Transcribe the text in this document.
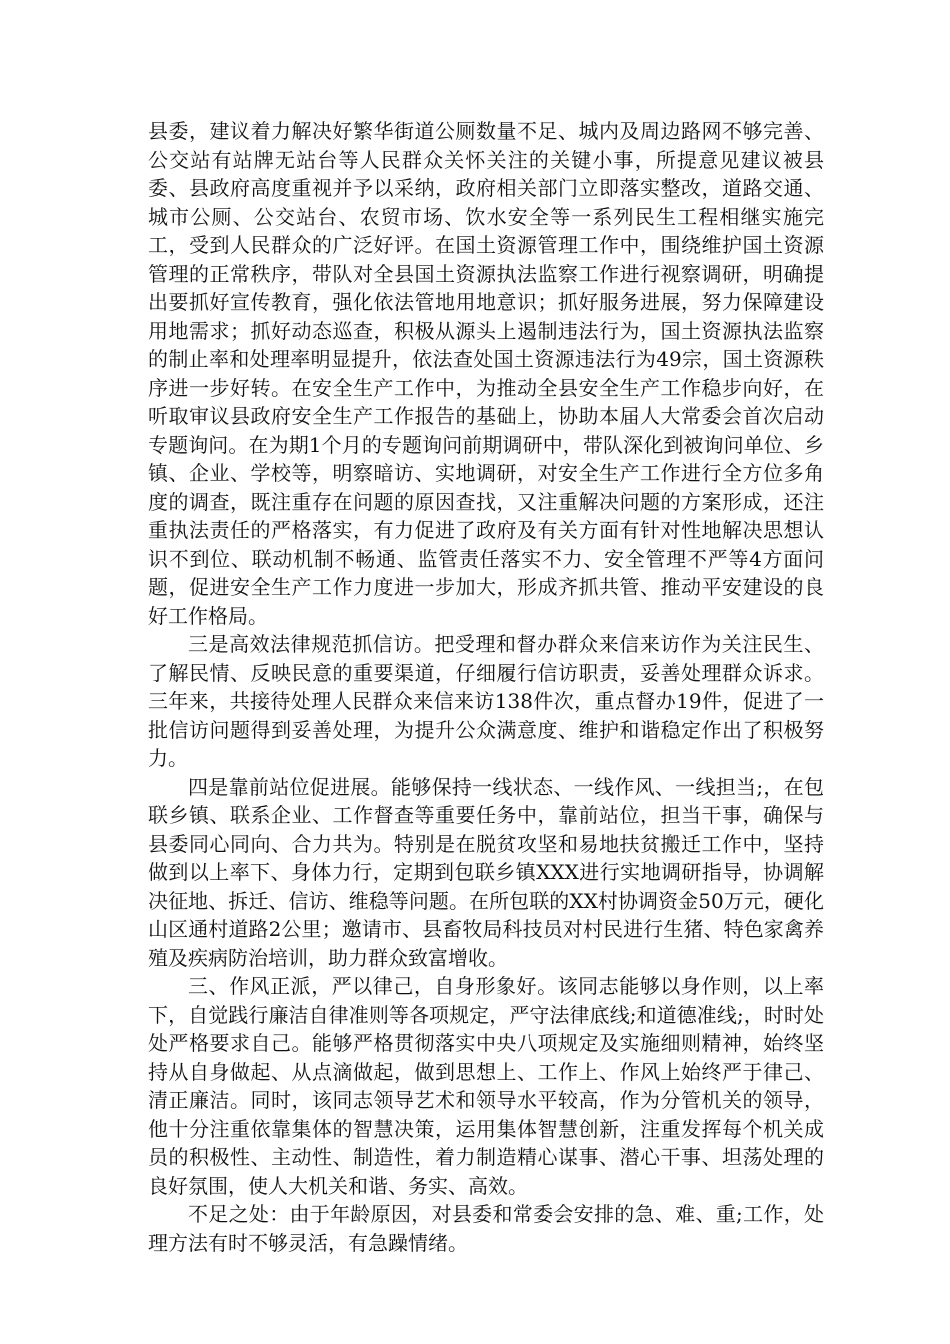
县委，建议着力解决好繁华街道公厕数量不足、城内及周边路网不够完善、公交站有站牌无站台等人民群众关怀关注的关键小事，所提意见建议被县委、县政府高度重视并予以采纳，政府相关部门立即落实整改，道路交通、城市公厕、公交站台、农贸市场、饮水安全等一系列民生工程相继实施完工，受到人民群众的广泛好评。在国土资源管理工作中，围绕维护国土资源管理的正常秩序，带队对全县国土资源执法监察工作进行视察调研，明确提出要抓好宣传教育，强化依法管地用地意识；抓好服务进展，努力保障建设用地需求；抓好动态巡查，积极从源头上遏制违法行为，国土资源执法监察的制止率和处理率明显提升，依法查处国土资源违法行为49宗，国土资源秩序进一步好转。在安全生产工作中，为推动全县安全生产工作稳步向好，在听取审议县政府安全生产工作报告的基础上，协助本届人大常委会首次启动专题询问。在为期1个月的专题询问前期调研中，带队深化到被询问单位、乡镇、企业、学校等，明察暗访、实地调研，对安全生产工作进行全方位多角度的调查，既注重存在问题的原因查找，又注重解决问题的方案形成，还注重执法责任的严格落实，有力促进了政府及有关方面有针对性地解决思想认识不到位、联动机制不畅通、监管责任落实不力、安全管理不严等4方面问题，促进安全生产工作力度进一步加大，形成齐抓共管、推动平安建设的良好工作格局。

三是高效法律规范抓信访。把受理和督办群众来信来访作为关注民生、了解民情、反映民意的重要渠道，仔细履行信访职责，妥善处理群众诉求。三年来，共接待处理人民群众来信来访138件次，重点督办19件，促进了一批信访问题得到妥善处理，为提升公众满意度、维护和谐稳定作出了积极努力。

四是靠前站位促进展。能够保持一线状态、一线作风、一线担当;，在包联乡镇、联系企业、工作督查等重要任务中，靠前站位，担当干事，确保与县委同心同向、合力共为。特别是在脱贫攻坚和易地扶贫搬迁工作中，坚持做到以上率下、身体力行，定期到包联乡镇XXX进行实地调研指导，协调解决征地、拆迁、信访、维稳等问题。在所包联的XX村协调资金50万元，硬化山区通村道路2公里；邀请市、县畜牧局科技员对村民进行生猪、特色家禽养殖及疾病防治培训，助力群众致富增收。

三、作风正派，严以律己，自身形象好。该同志能够以身作则，以上率下，自觉践行廉洁自律准则等各项规定，严守法律底线;和道德准线;，时时处处严格要求自己。能够严格贯彻落实中央八项规定及实施细则精神，始终坚持从自身做起、从点滴做起，做到思想上、工作上、作风上始终严于律己、清正廉洁。同时，该同志领导艺术和领导水平较高，作为分管机关的领导，他十分注重依靠集体的智慧决策，运用集体智慧创新，注重发挥每个机关成员的积极性、主动性、制造性，着力制造精心谋事、潜心干事、坦荡处理的良好氛围，使人大机关和谐、务实、高效。

不足之处：由于年龄原因，对县委和常委会安排的急、难、重;工作，处理方法有时不够灵活，有急躁情绪。
